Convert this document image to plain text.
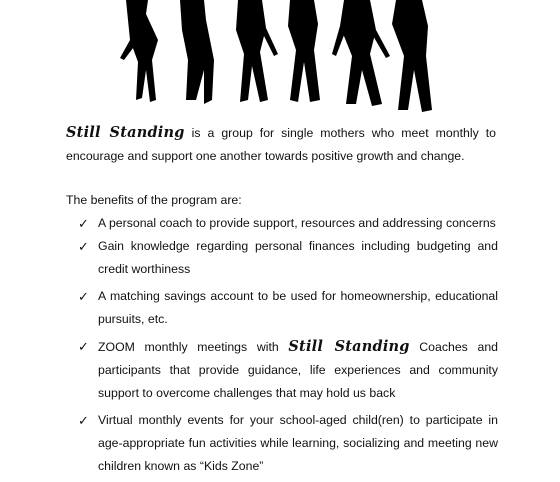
Still Standing is a group for single mothers who meet monthly to encourage and support one another towards positive growth and change.
The benefits of the program are:
✓ A personal coach to provide support, resources and addressing concerns
✓ Gain knowledge regarding personal finances including budgeting and credit worthiness
✓ A matching savings account to be used for homeownership, educational pursuits, etc.
✓ ZOOM monthly meetings with Still Standing Coaches and participants that provide guidance, life experiences and community support to overcome challenges that may hold us back
✓ Virtual monthly events for your school-aged child(ren) to participate in age-appropriate fun activities while learning, socializing and meeting new children known as “Kids Zone”
